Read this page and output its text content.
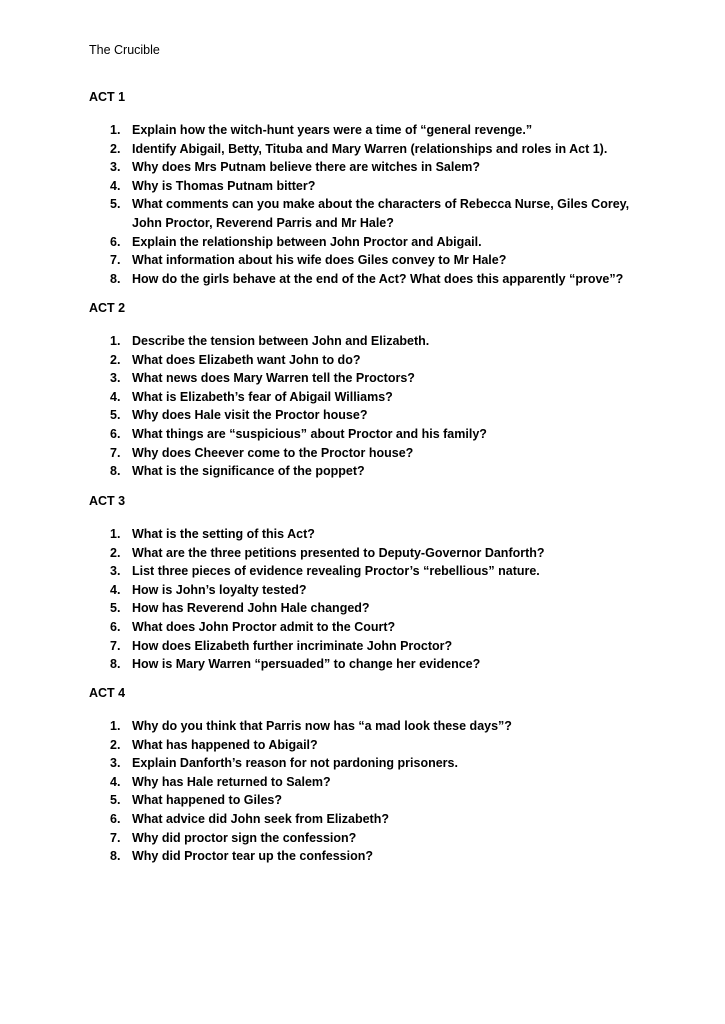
The Crucible
ACT 1
1. Explain how the witch-hunt years were a time of “general revenge.”
2. Identify Abigail, Betty, Tituba and Mary Warren (relationships and roles in Act 1).
3. Why does Mrs Putnam believe there are witches in Salem?
4. Why is Thomas Putnam bitter?
5. What comments can you make about the characters of Rebecca Nurse, Giles Corey, John Proctor, Reverend Parris and Mr Hale?
6. Explain the relationship between John Proctor and Abigail.
7. What information about his wife does Giles convey to Mr Hale?
8. How do the girls behave at the end of the Act? What does this apparently “prove”?
ACT 2
1. Describe the tension between John and Elizabeth.
2. What does Elizabeth want John to do?
3. What news does Mary Warren tell the Proctors?
4. What is Elizabeth’s fear of Abigail Williams?
5. Why does Hale visit the Proctor house?
6. What things are “suspicious” about Proctor and his family?
7. Why does Cheever come to the Proctor house?
8. What is the significance of the poppet?
ACT 3
1. What is the setting of this Act?
2. What are the three petitions presented to Deputy-Governor Danforth?
3. List three pieces of evidence revealing Proctor’s “rebellious” nature.
4. How is John’s loyalty tested?
5. How has Reverend John Hale changed?
6. What does John Proctor admit to the Court?
7. How does Elizabeth further incriminate John Proctor?
8. How is Mary Warren “persuaded” to change her evidence?
ACT 4
1. Why do you think that Parris now has “a mad look these days”?
2. What has happened to Abigail?
3. Explain Danforth’s reason for not pardoning prisoners.
4. Why has Hale returned to Salem?
5. What happened to Giles?
6. What advice did John seek from Elizabeth?
7. Why did proctor sign the confession?
8. Why did Proctor tear up the confession?
